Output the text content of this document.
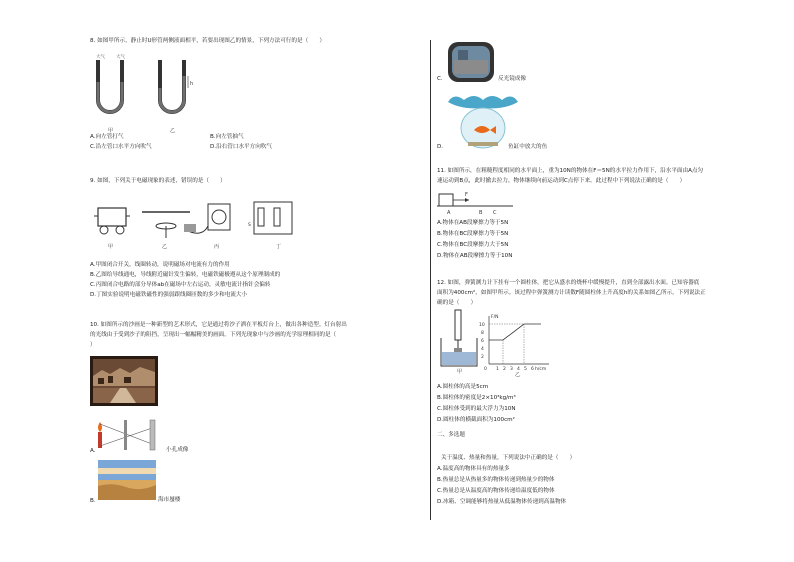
8. 如图甲所示，静止时U形管两侧液面相平，若要出现图乙的情景，下列方法可行的是（　　）
h
大气 大气
甲	乙
A.向左管打气	B.向左管抽气
C.沿左管口水平方向吹气	D.沿右管口水平方向吹气
9. 如图，下列关于电磁现象的表述，错误的是（　　）
甲	乙	丙
S
丁
A.甲图闭合开关，线圈转动，说明磁场对电流有力的作用
B.乙图给导线通电，导线附近磁针发生偏转，电磁铁磁极遵从这个原理制成的
C.丙图闭合电路的部分导体ab在磁场中左右运动，灵敏电流计指针会偏转
D.丁图实验说明电磁铁磁性的强弱跟线圈匝数的多少和电流大小
10. 如图所示的沙画是一种新型的艺术形式，它是通过将沙子洒在平板灯台上，做出各种造型。灯台射出
的光线由于受到沙子的阻挡，呈现出一幅幅精美的画面。下列光现象中与沙画的光学原理相同的是（
）
A.	小孔成像
B.	海市蜃楼
C.	反光镜成像
D.	鱼缸中放大的鱼
11. 如图所示，在粗糙程度相同的水平面上，重为10N的物体在F＝5N的水平拉力作用下，沿水平面由A点匀
速运动到B点，此时撤去拉力，物体继续向前运动到C点停下来。此过程中下列说法正确的是（　　）
F
A	B C
A.物体在AB段摩擦力等于5N
B.物体在BC段摩擦力等于5N
C.物体在BC段摩擦力大于5N
D.物体在AB段摩擦力等于10N
12. 如图，弹簧测力计下挂有一个圆柱体，把它从盛水的烧杯中缓慢提升，直到全部露出水面。已知容器底
面积为400cm²，如图甲所示。该过程中弹簧测力计读数F随圆柱体上升高度h的关系如图乙所示，下列说法正
确的是（　　）
甲
F/N
h/cm
0
10
8
6
4
2
1 2 3 4 5 6
乙
A.圆柱体的高是5cm
B.圆柱体的密度是2×10³kg/m³
C.圆柱体受到的最大浮力为10N
D.圆柱体的横截面积为100cm²
二、多选题
关于温度、热量和热量，下列说法中正确的是（　　）
A.温度高的物体具有的热量多
B.热量总是从热量多的物体传递到热量少的物体
C.热量总是从温度高的物体传递给温度低的物体
D.冰箱、空调能够将热量从低温物体传递到高温物体
